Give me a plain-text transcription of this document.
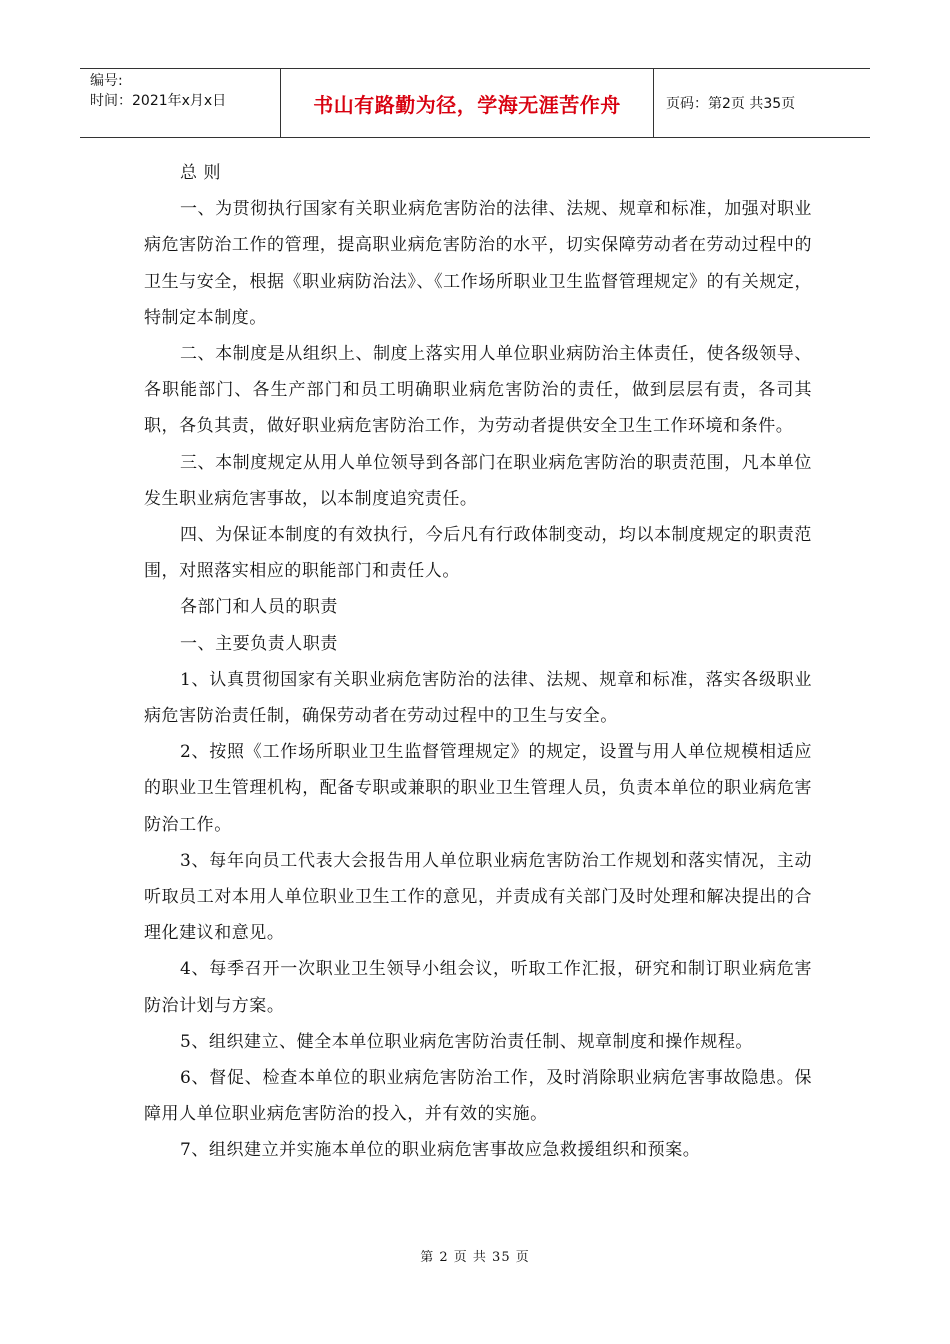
编号:
时间：2021年x月x日	书山有路勤为径，学海无涯苦作舟	页码：第2页 共35页

总 则

一、为贯彻执行国家有关职业病危害防治的法律、法规、规章和标准，加强对职业病危害防治工作的管理，提高职业病危害防治的水平，切实保障劳动者在劳动过程中的卫生与安全，根据《职业病防治法》、《工作场所职业卫生监督管理规定》的有关规定，特制定本制度。

二、本制度是从组织上、制度上落实用人单位职业病防治主体责任，使各级领导、各职能部门、各生产部门和员工明确职业病危害防治的责任，做到层层有责，各司其职，各负其责，做好职业病危害防治工作，为劳动者提供安全卫生工作环境和条件。

三、本制度规定从用人单位领导到各部门在职业病危害防治的职责范围，凡本单位发生职业病危害事故，以本制度追究责任。

四、为保证本制度的有效执行，今后凡有行政体制变动，均以本制度规定的职责范围，对照落实相应的职能部门和责任人。

各部门和人员的职责

一、主要负责人职责

1、认真贯彻国家有关职业病危害防治的法律、法规、规章和标准，落实各级职业病危害防治责任制，确保劳动者在劳动过程中的卫生与安全。

2、按照《工作场所职业卫生监督管理规定》的规定，设置与用人单位规模相适应的职业卫生管理机构，配备专职或兼职的职业卫生管理人员，负责本单位的职业病危害防治工作。

3、每年向员工代表大会报告用人单位职业病危害防治工作规划和落实情况，主动听取员工对本用人单位职业卫生工作的意见，并责成有关部门及时处理和解决提出的合理化建议和意见。

4、每季召开一次职业卫生领导小组会议，听取工作汇报，研究和制订职业病危害防治计划与方案。

5、组织建立、健全本单位职业病危害防治责任制、规章制度和操作规程。

6、督促、检查本单位的职业病危害防治工作，及时消除职业病危害事故隐患。保障用人单位职业病危害防治的投入，并有效的实施。

7、组织建立并实施本单位的职业病危害事故应急救援组织和预案。

第 2 页 共 35 页
